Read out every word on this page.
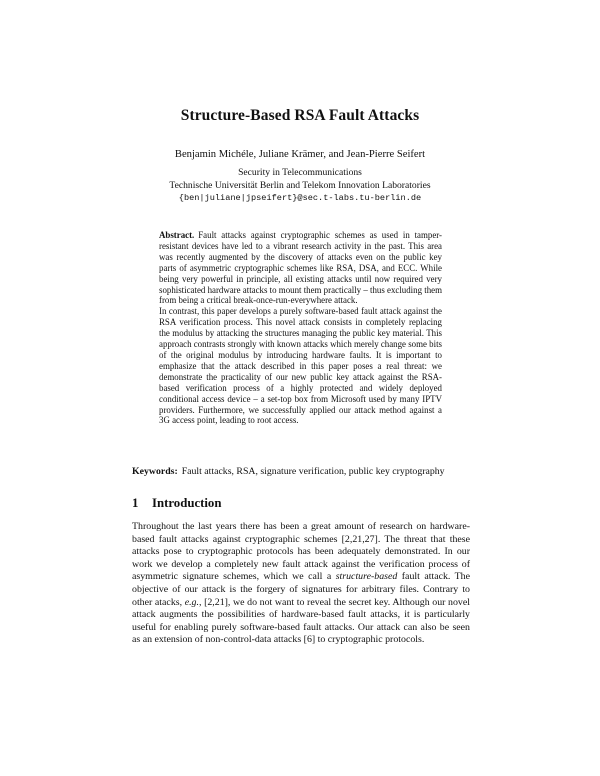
Structure-Based RSA Fault Attacks
Benjamin Michéle, Juliane Krämer, and Jean-Pierre Seifert
Security in Telecommunications
Technische Universität Berlin and Telekom Innovation Laboratories
{ben|juliane|jpseifert}@sec.t-labs.tu-berlin.de

Abstract. Fault attacks against cryptographic schemes as used in tamper-resistant devices have led to a vibrant research activity in the past. This area was recently augmented by the discovery of attacks even on the public key parts of asymmetric cryptographic schemes like RSA, DSA, and ECC. While being very powerful in principle, all existing attacks until now required very sophisticated hardware attacks to mount them practically – thus excluding them from being a critical break-once-run-everywhere attack.

In contrast, this paper develops a purely software-based fault attack against the RSA verification process. This novel attack consists in completely replacing the modulus by attacking the structures managing the public key material. This approach contrasts strongly with known attacks which merely change some bits of the original modulus by introducing hardware faults. It is important to emphasize that the attack described in this paper poses a real threat: we demonstrate the practicality of our new public key attack against the RSA-based verification process of a highly protected and widely deployed conditional access device – a set-top box from Microsoft used by many IPTV providers. Furthermore, we successfully applied our attack method against a 3G access point, leading to root access.

Keywords: Fault attacks, RSA, signature verification, public key cryptography
1 Introduction

Throughout the last years there has been a great amount of research on hardware-based fault attacks against cryptographic schemes [2,21,27]. The threat that these attacks pose to cryptographic protocols has been adequately demonstrated. In our work we develop a completely new fault attack against the verification process of asymmetric signature schemes, which we call a structure-based fault attack. The objective of our attack is the forgery of signatures for arbitrary files. Contrary to other atacks, e.g., [2,21], we do not want to reveal the secret key. Although our novel attack augments the possibilities of hardware-based fault attacks, it is particularly useful for enabling purely software-based fault attacks. Our attack can also be seen as an extension of non-control-data attacks [6] to cryptographic protocols.
